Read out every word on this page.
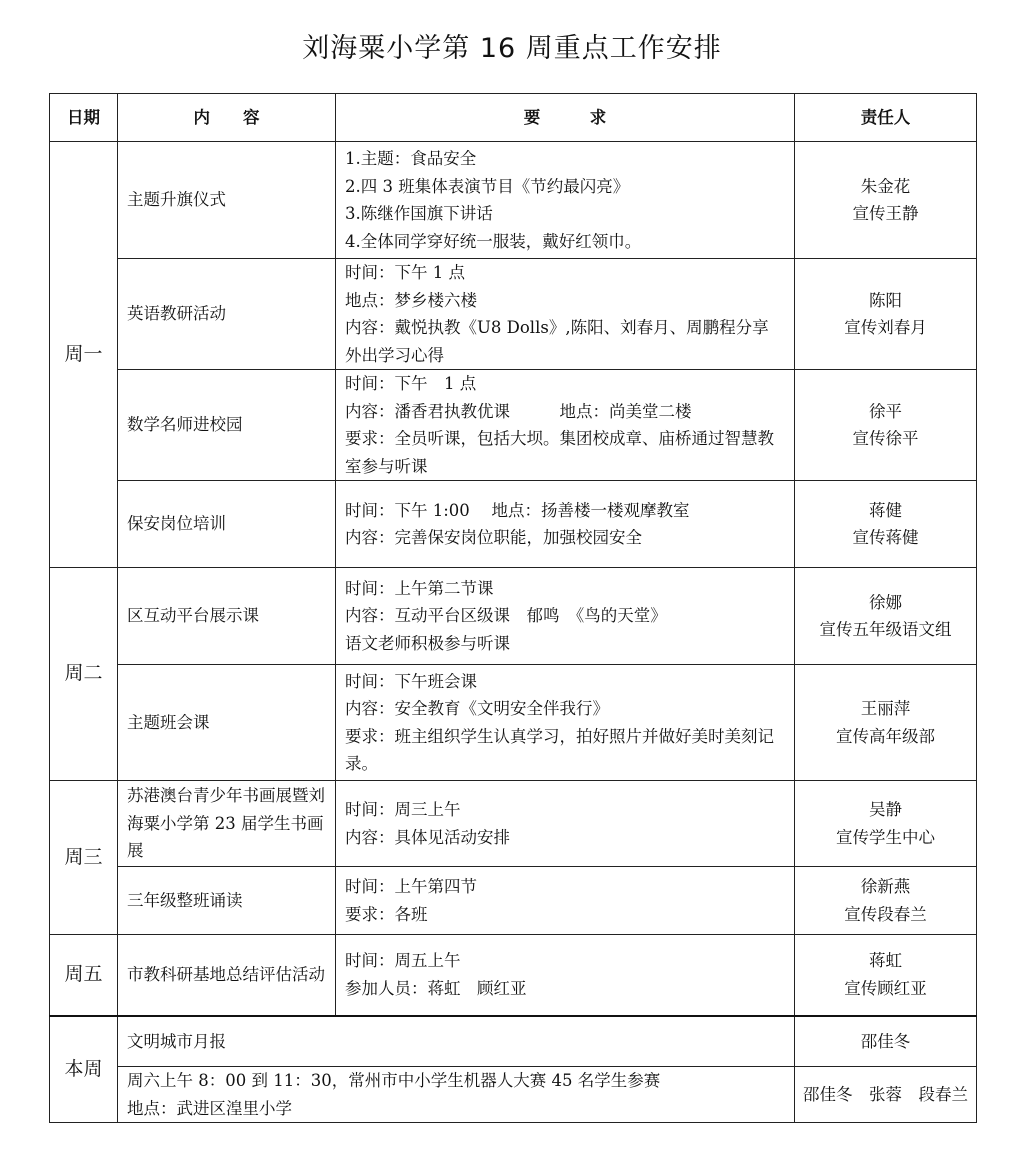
刘海粟小学第 16 周重点工作安排
日期	内　　容	要　　　求	责任人
周一	主题升旗仪式	1.主题：食品安全
2.四 3 班集体表演节目《节约最闪亮》
3.陈继作国旗下讲话
4.全体同学穿好统一服装，戴好红领巾。	朱金花
宣传王静

	英语教研活动	时间：下午 1 点
地点：梦乡楼六楼
内容：戴悦执教《U8 Dolls》,陈阳、刘春月、周鹏程分享外出学习心得	陈阳
宣传刘春月

	数学名师进校园	时间：下午　1 点
内容：潘香君执教优课　　　地点：尚美堂二楼
要求：全员听课，包括大坝。集团校成章、庙桥通过智慧教室参与听课	徐平
宣传徐平

	保安岗位培训	时间：下午 1:00　 地点：扬善楼一楼观摩教室
内容：完善保安岗位职能，加强校园安全	蒋健
宣传蒋健

周二	区互动平台展示课	时间：上午第二节课
内容：互动平台区级课　郁鸣　《鸟的天堂》
语文老师积极参与听课	徐娜
宣传五年级语文组

	主题班会课	时间：下午班会课
内容：安全教育《文明安全伴我行》
要求：班主组织学生认真学习，拍好照片并做好美时美刻记录。	王丽萍
宣传高年级部

周三	苏港澳台青少年书画展暨刘海粟小学第 23 届学生书画展	时间：周三上午
内容：具体见活动安排	吴静
宣传学生中心

	三年级整班诵读	时间：上午第四节
要求：各班	徐新燕
宣传段春兰

周五	市教科研基地总结评估活动	时间：周五上午
参加人员：蒋虹　顾红亚	蒋虹
宣传顾红亚

本周	文明城市月报		邵佳冬

	周六上午 8：00 到 11：30，常州市中小学生机器人大赛 45 名学生参赛
地点：武进区湟里小学		邵佳冬　张蓉　段春兰
